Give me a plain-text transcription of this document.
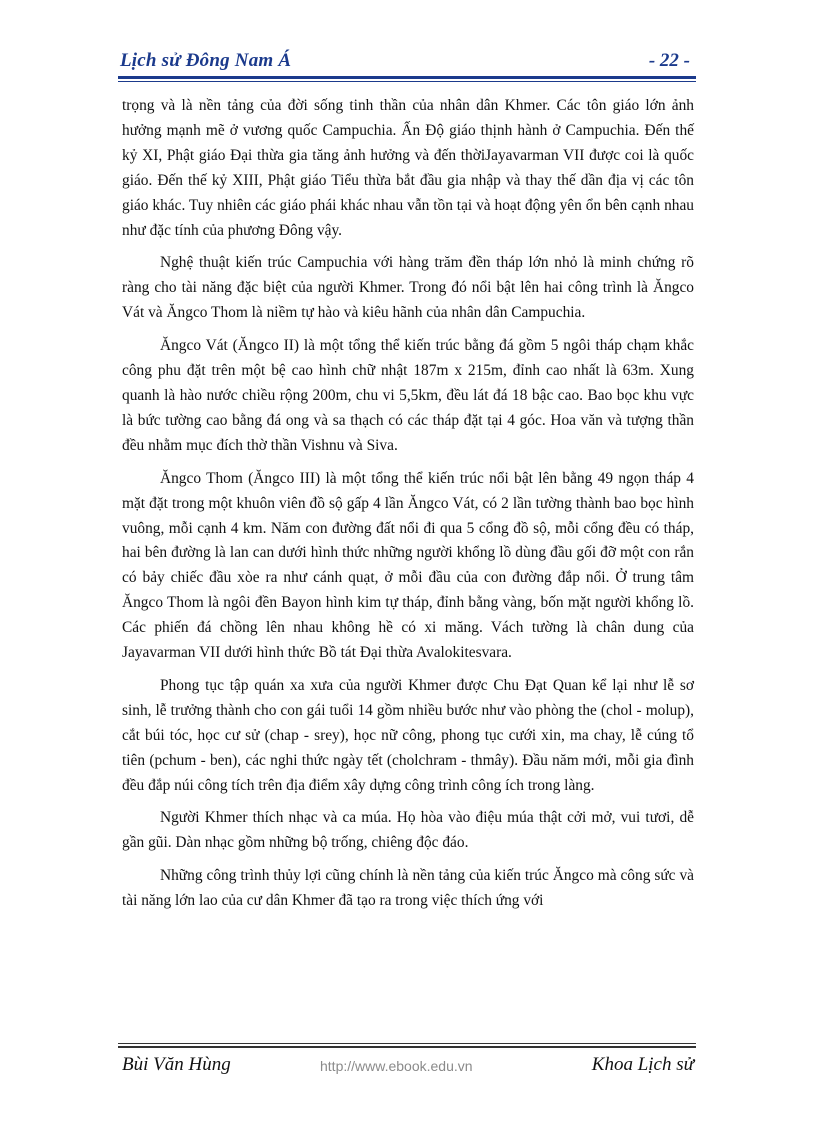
Lịch sử Đông Nam Á	- 22 -

trọng và là nền tảng của đời sống tinh thần của nhân dân Khmer. Các tôn giáo lớn ảnh hưởng mạnh mẽ ở vương quốc Campuchia. Ấn Độ giáo thịnh hành ở Campuchia. Đến thế kỷ XI, Phật giáo Đại thừa gia tăng ảnh hưởng và đến thờiJayavarman VII được coi là quốc giáo. Đến thế kỷ XIII, Phật giáo Tiểu thừa bắt đầu gia nhập và thay thế dần địa vị các tôn giáo khác. Tuy nhiên các giáo phái khác nhau vẫn tồn tại và hoạt động yên ổn bên cạnh nhau như đặc tính của phương Đông vậy.

Nghệ thuật kiến trúc Campuchia với hàng trăm đền tháp lớn nhỏ là minh chứng rõ ràng cho tài năng đặc biệt của người Khmer. Trong đó nổi bật lên hai công trình là Ăngco Vát và Ăngco Thom là niềm tự hào và kiêu hãnh của nhân dân Campuchia.

Ăngco Vát (Ăngco II) là một tổng thể kiến trúc bằng đá gồm 5 ngôi tháp chạm khắc công phu đặt trên một bệ cao hình chữ nhật 187m x 215m, đỉnh cao nhất là 63m. Xung quanh là hào nước chiều rộng 200m, chu vi 5,5km, đều lát đá 18 bậc cao. Bao bọc khu vực là bức tường cao bằng đá ong và sa thạch có các tháp đặt tại 4 góc. Hoa văn và tượng thần đều nhằm mục đích thờ thần Vishnu và Siva.

Ăngco Thom (Ăngco III) là một tổng thể kiến trúc nổi bật lên bằng 49 ngọn tháp 4 mặt đặt trong một khuôn viên đồ sộ gấp 4 lần Ăngco Vát, có 2 lần tường thành bao bọc hình vuông, mỗi cạnh 4 km. Năm con đường đất nổi đi qua 5 cổng đồ sộ, mỗi cổng đều có tháp, hai bên đường là lan can dưới hình thức những người khổng lồ dùng đầu gối đỡ một con rắn có bảy chiếc đầu xòe ra như cánh quạt, ở mỗi đầu của con đường đắp nổi. Ở trung tâm Ăngco Thom là ngôi đền Bayon hình kim tự tháp, đỉnh bằng vàng, bốn mặt người khổng lồ. Các phiến đá chồng lên nhau không hề có xi măng. Vách tường là chân dung của Jayavarman VII dưới hình thức Bồ tát Đại thừa Avalokitesvara.

Phong tục tập quán xa xưa của người Khmer được Chu Đạt Quan kể lại như lễ sơ sinh, lễ trưởng thành cho con gái tuổi 14 gồm nhiều bước như vào phòng the (chol - molup), cắt búi tóc, học cư sử (chap - srey), học nữ công, phong tục cưới xin, ma chay, lễ cúng tổ tiên (pchum - ben), các nghi thức ngày tết (cholchram - thmây). Đầu năm mới, mỗi gia đình đều đắp núi công tích trên địa điểm xây dựng công trình công ích trong làng.

Người Khmer thích nhạc và ca múa. Họ hòa vào điệu múa thật cởi mở, vui tươi, dễ gần gũi. Dàn nhạc gồm những bộ trống, chiêng độc đáo.

Những công trình thủy lợi cũng chính là nền tảng của kiến trúc Ăngco mà công sức và tài năng lớn lao của cư dân Khmer đã tạo ra trong việc thích ứng với

Bùi Văn Hùng	http://www.ebook.edu.vn	Khoa Lịch sử
